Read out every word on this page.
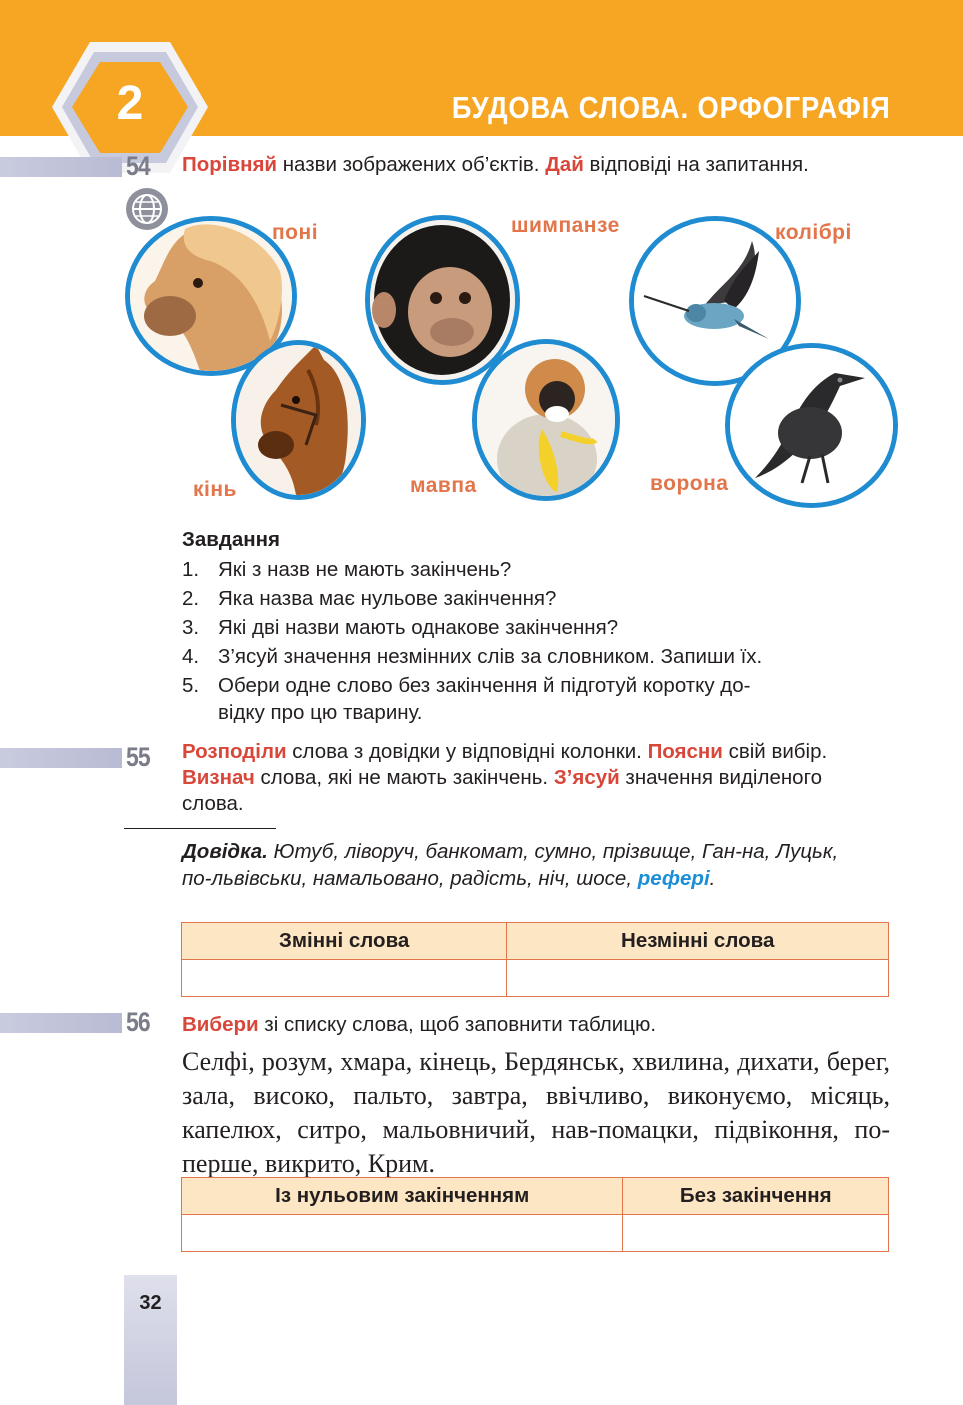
БУДОВА СЛОВА. ОРФОГРАФІЯ
2
54 Порівняй назви зображених об’єктів. Дай відповіді на запитання.
поні
кінь
шимпанзе
мавпа
колібрі
ворона
Завдання
1. Які з назв не мають закінчень?
2. Яка назва має нульове закінчення?
3. Які дві назви мають однакове закінчення?
4. З’ясуй значення незмінних слів за словником. Запиши їх.
5. Обери одне слово без закінчення й підготуй коротку до-
відку про цю тварину.
55 Розподіли слова з довідки у відповідні колонки. Поясни свій вибір. Визнач слова, які не мають закінчень. З’ясуй значення виділеного слова.
Довідка. Ютуб, ліворуч, банкомат, сумно, прізвище, Ган-на, Луцьк, по-львівськи, намальовано, радість, ніч, шосе, рефері.
Змінні слова	Незмінні слова

56 Вибери зі списку слова, щоб заповнити таблицю.
Селфі, розум, хмара, кінець, Бердянськ, хвилина, дихати, берег, зала, високо, пальто, завтра, ввічливо, виконуємо, місяць, капелюх, ситро, мальовничий, нав-помацки, підвіконня, по-перше, викрито, Крим.
Із нульовим закінченням	Без закінчення

32
